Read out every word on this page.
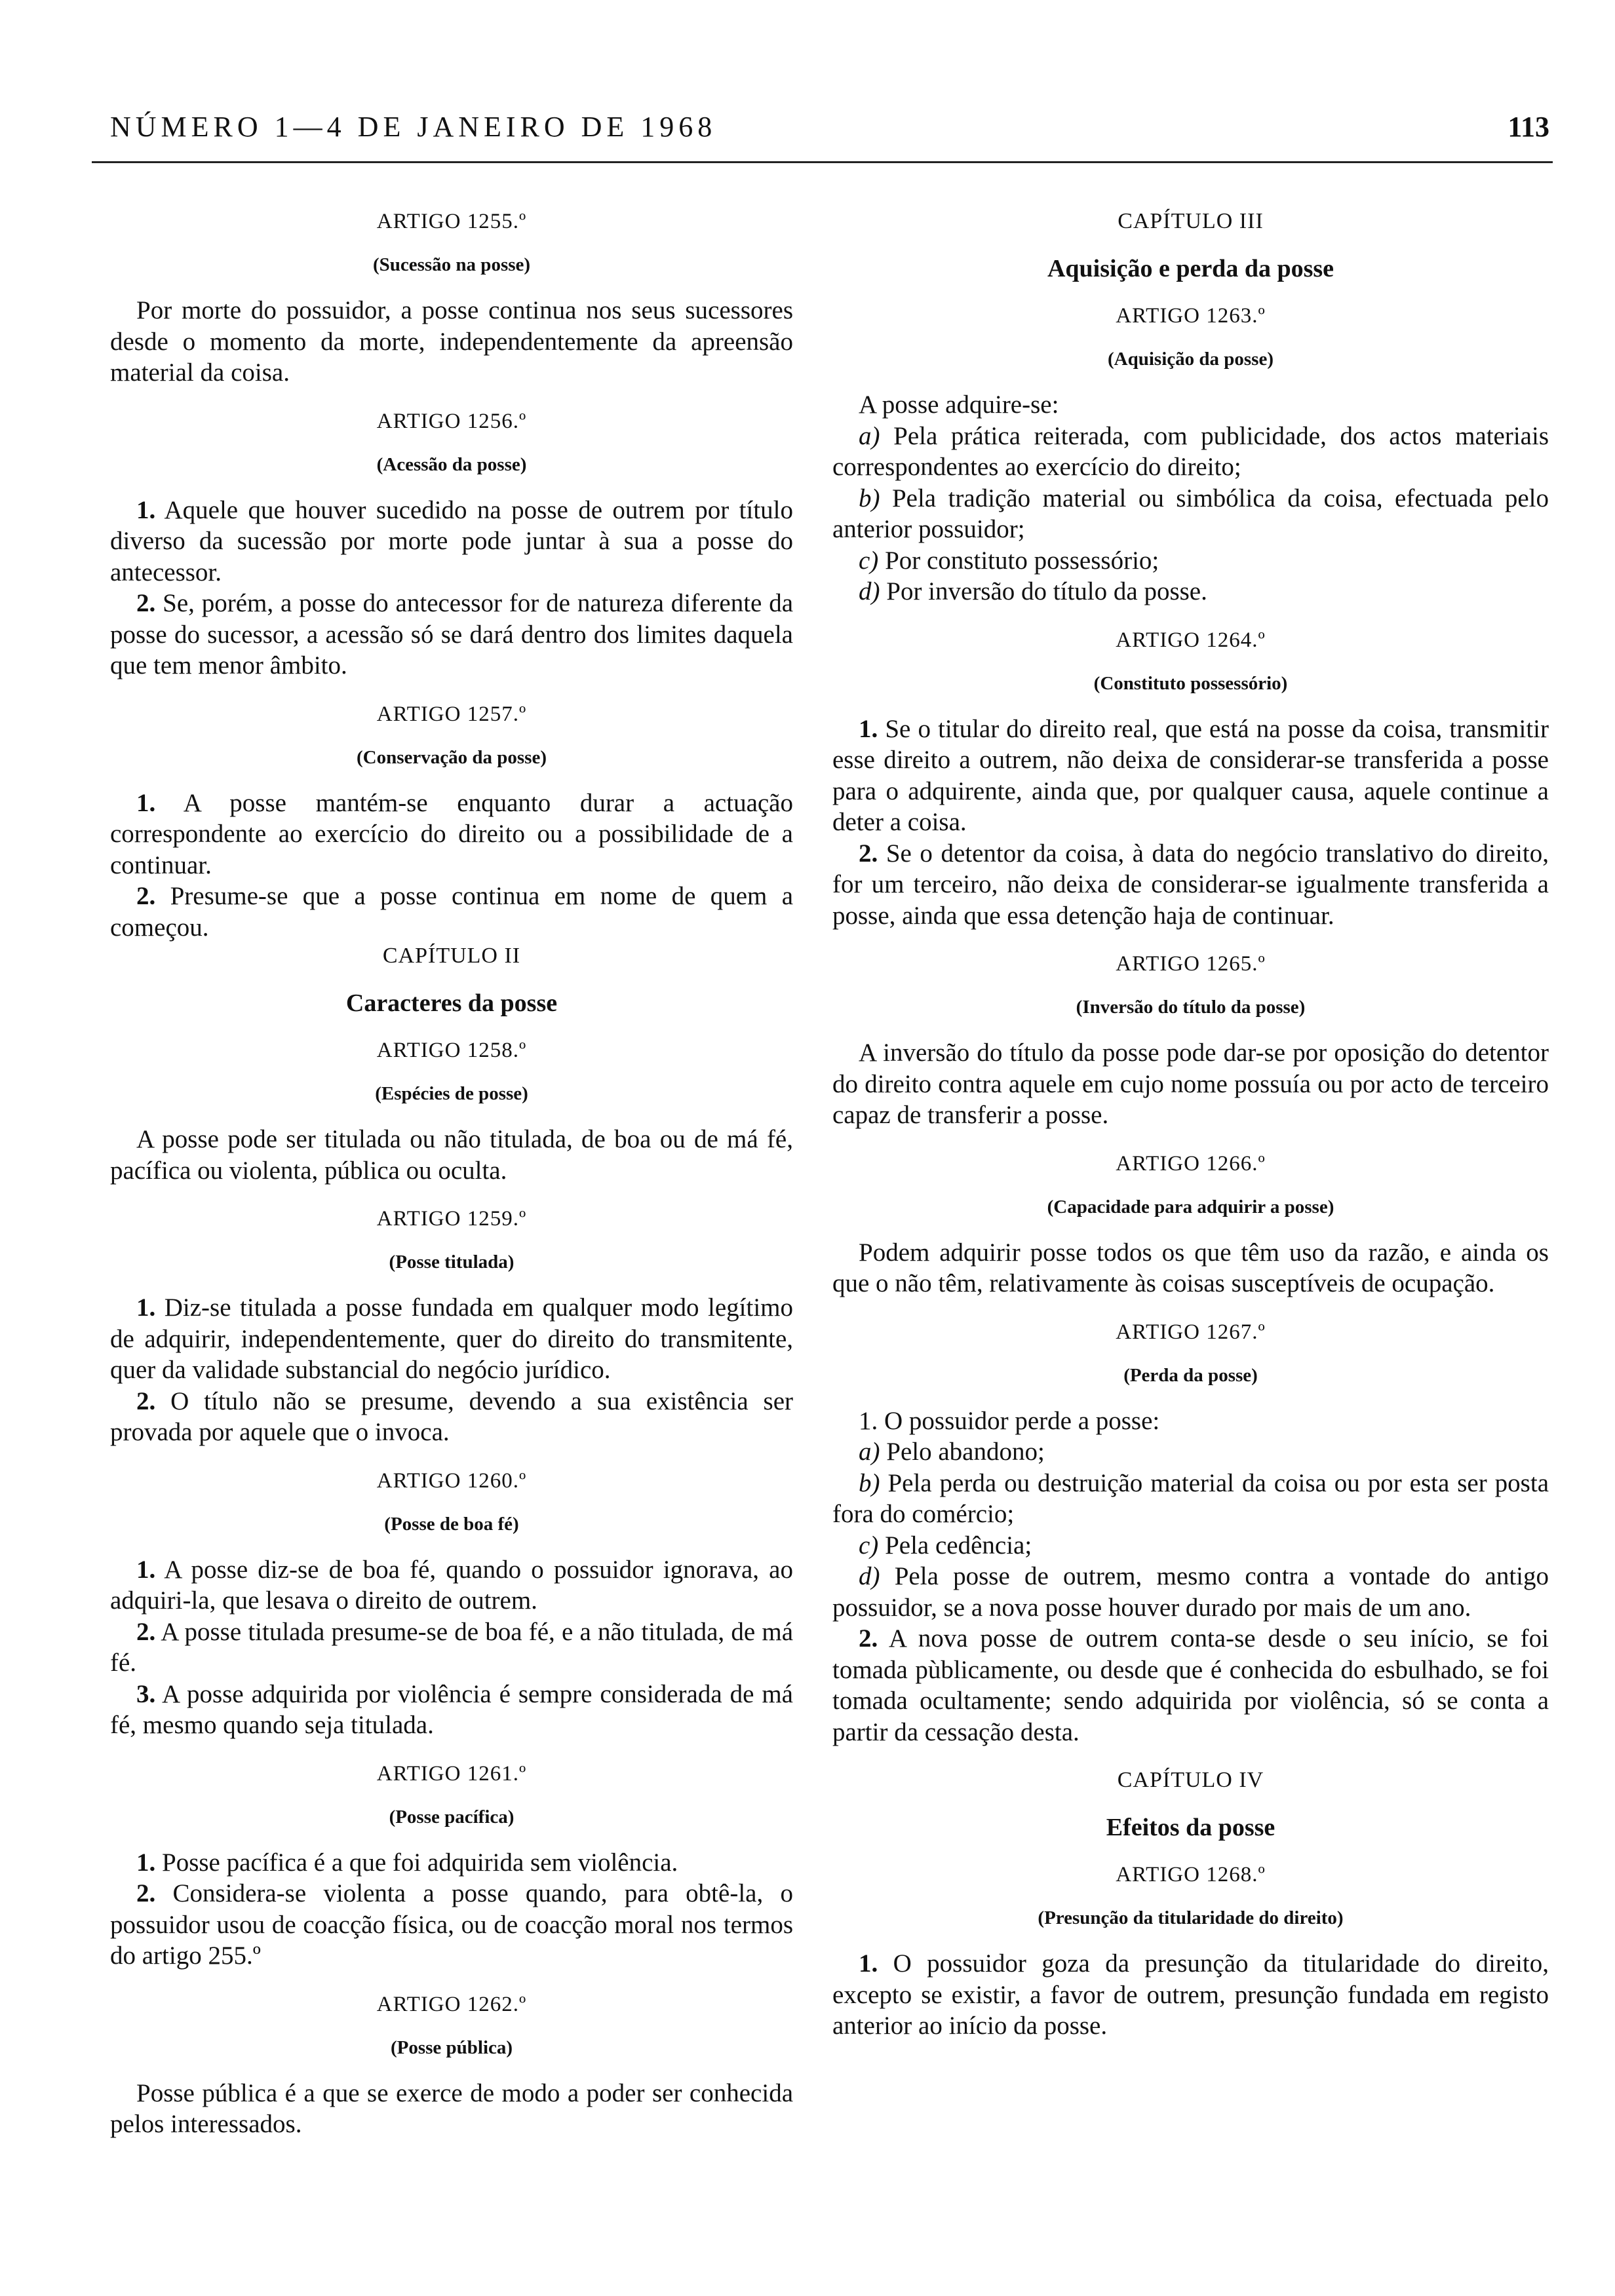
NÚMERO 1—4 DE JANEIRO DE 1968	113
ARTIGO 1255.º
(Sucessão na posse)
Por morte do possuidor, a posse continua nos seus sucessores desde o momento da morte, independentemente da apreensão material da coisa.
ARTIGO 1256.º
(Acessão da posse)
1. Aquele que houver sucedido na posse de outrem por título diverso da sucessão por morte pode juntar à sua a posse do antecessor.
2. Se, porém, a posse do antecessor for de natureza diferente da posse do sucessor, a acessão só se dará dentro dos limites daquela que tem menor âmbito.
ARTIGO 1257.º
(Conservação da posse)
1. A posse mantém-se enquanto durar a actuação correspondente ao exercício do direito ou a possibilidade de a continuar.
2. Presume-se que a posse continua em nome de quem a começou.
CAPÍTULO II
Caracteres da posse
ARTIGO 1258.º
(Espécies de posse)
A posse pode ser titulada ou não titulada, de boa ou de má fé, pacífica ou violenta, pública ou oculta.
ARTIGO 1259.º
(Posse titulada)
1. Diz-se titulada a posse fundada em qualquer modo legítimo de adquirir, independentemente, quer do direito do transmitente, quer da validade substancial do negócio jurídico.
2. O título não se presume, devendo a sua existência ser provada por aquele que o invoca.
ARTIGO 1260.º
(Posse de boa fé)
1. A posse diz-se de boa fé, quando o possuidor ignorava, ao adquiri-la, que lesava o direito de outrem.
2. A posse titulada presume-se de boa fé, e a não titulada, de má fé.
3. A posse adquirida por violência é sempre considerada de má fé, mesmo quando seja titulada.
ARTIGO 1261.º
(Posse pacífica)
1. Posse pacífica é a que foi adquirida sem violência.
2. Considera-se violenta a posse quando, para obtê-la, o possuidor usou de coacção física, ou de coacção moral nos termos do artigo 255.º
ARTIGO 1262.º
(Posse pública)
Posse pública é a que se exerce de modo a poder ser conhecida pelos interessados.
CAPÍTULO III
Aquisição e perda da posse
ARTIGO 1263.º
(Aquisição da posse)
A posse adquire-se:
a) Pela prática reiterada, com publicidade, dos actos materiais correspondentes ao exercício do direito;
b) Pela tradição material ou simbólica da coisa, efectuada pelo anterior possuidor;
c) Por constituto possessório;
d) Por inversão do título da posse.
ARTIGO 1264.º
(Constituto possessório)
1. Se o titular do direito real, que está na posse da coisa, transmitir esse direito a outrem, não deixa de considerar-se transferida a posse para o adquirente, ainda que, por qualquer causa, aquele continue a deter a coisa.
2. Se o detentor da coisa, à data do negócio translativo do direito, for um terceiro, não deixa de considerar-se igualmente transferida a posse, ainda que essa detenção haja de continuar.
ARTIGO 1265.º
(Inversão do título da posse)
A inversão do título da posse pode dar-se por oposição do detentor do direito contra aquele em cujo nome possuía ou por acto de terceiro capaz de transferir a posse.
ARTIGO 1266.º
(Capacidade para adquirir a posse)
Podem adquirir posse todos os que têm uso da razão, e ainda os que o não têm, relativamente às coisas susceptíveis de ocupação.
ARTIGO 1267.º
(Perda da posse)
1. O possuidor perde a posse:
a) Pelo abandono;
b) Pela perda ou destruição material da coisa ou por esta ser posta fora do comércio;
c) Pela cedência;
d) Pela posse de outrem, mesmo contra a vontade do antigo possuidor, se a nova posse houver durado por mais de um ano.
2. A nova posse de outrem conta-se desde o seu início, se foi tomada pùblicamente, ou desde que é conhecida do esbulhado, se foi tomada ocultamente; sendo adquirida por violência, só se conta a partir da cessação desta.
CAPÍTULO IV
Efeitos da posse
ARTIGO 1268.º
(Presunção da titularidade do direito)
1. O possuidor goza da presunção da titularidade do direito, excepto se existir, a favor de outrem, presunção fundada em registo anterior ao início da posse.
